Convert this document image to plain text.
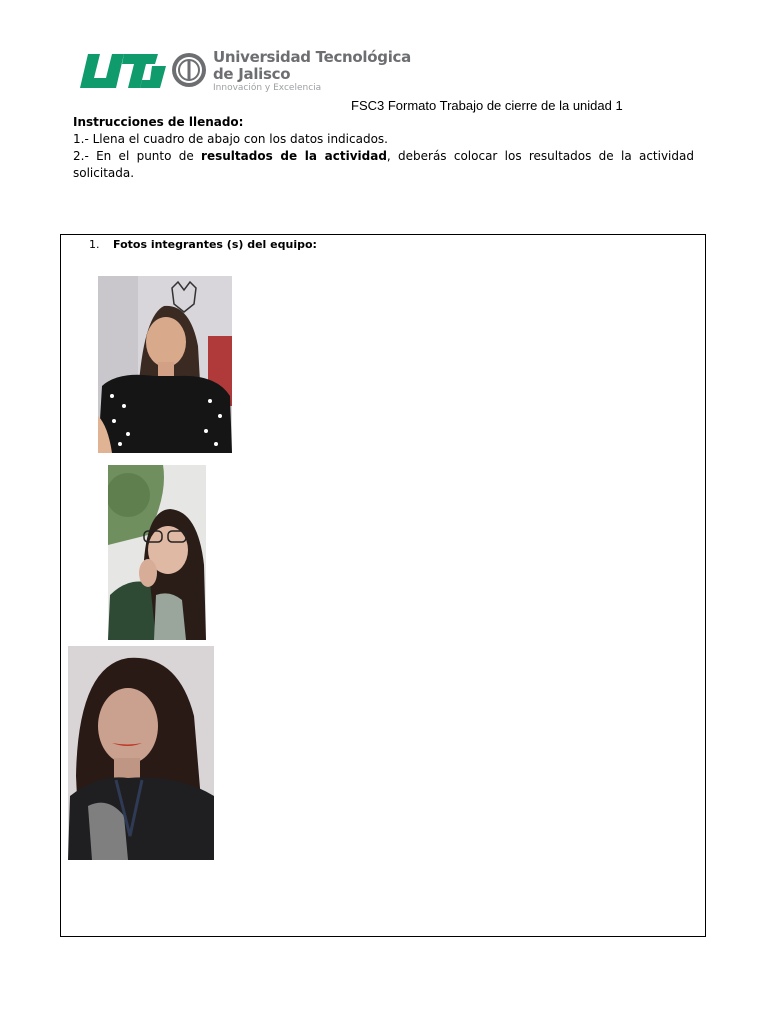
Universidad Tecnológica
de Jalisco
Innovación y Excelencia
FSC3 Formato Trabajo de cierre de la unidad 1
Instrucciones de llenado:
1.- Llena el cuadro de abajo con los datos indicados.
2.- En el punto de resultados de la actividad, deberás colocar los resultados de la actividad solicitada.
1. Fotos integrantes (s) del equipo:
